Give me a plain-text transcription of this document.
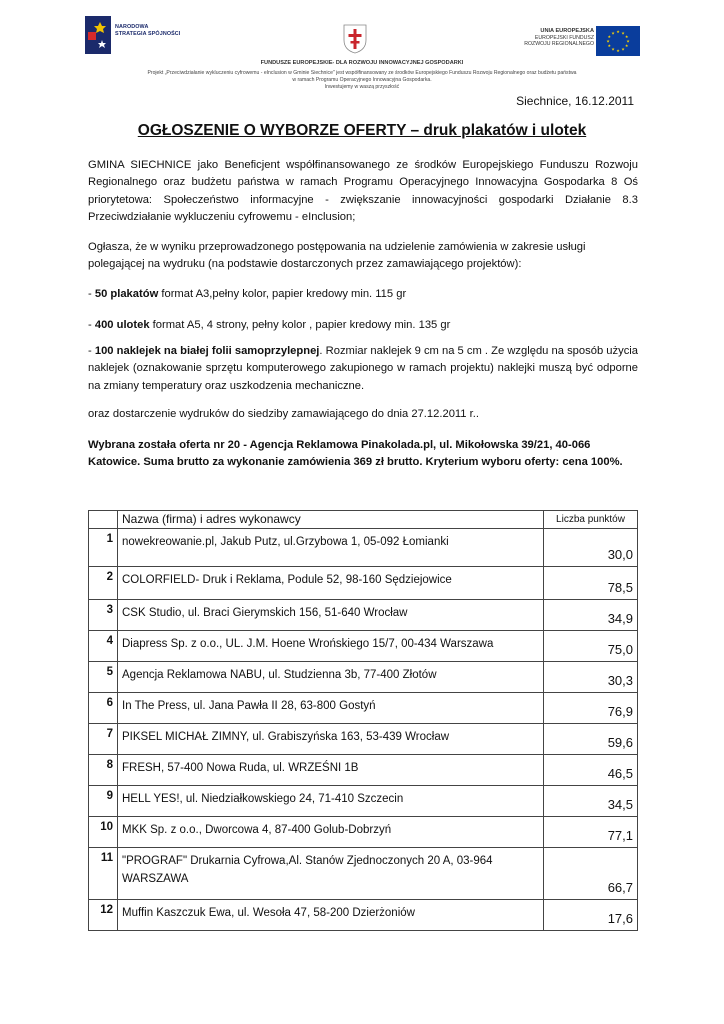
NARODOWA
STRATEGIA SPÓJNOŚCI	UNIA EUROPEJSKA
EUROPEJSKI FUNDUSZ
ROZWOJU REGIONALNEGO
★ ★
★
★
★
★
★
★
★
★
★
★
FUNDUSZE EUROPEJSKIE- DLA ROZWOJU INNOWACYJNEJ GOSPODARKI
Projekt „Przeciwdziałanie wykluczeniu cyfrowemu - eInclusion w Gminie Siechnice" jest współfinansowany ze środków Europejskiego Funduszu Rozwoju Regionalnego oraz budżetu państwa
w ramach Programu Operacyjnego Innowacyjna Gospodarka.
Inwestujemy w waszą przyszłość
Siechnice, 16.12.2011
OGŁOSZENIE O WYBORZE OFERTY – druk plakatów i ulotek

GMINA SIECHNICE jako Beneficjent współfinansowanego ze środków Europejskiego Funduszu Rozwoju Regionalnego oraz budżetu państwa w ramach Programu Operacyjnego Innowacyjna Gospodarka 8 Oś priorytetowa: Społeczeństwo informacyjne - zwiększanie innowacyjności gospodarki Działanie 8.3 Przeciwdziałanie wykluczeniu cyfrowemu - eInclusion;

Ogłasza, że w wyniku przeprowadzonego postępowania na udzielenie zamówienia w zakresie usługi polegającej na wydruku (na podstawie dostarczonych przez zamawiającego projektów):

- 50 plakatów format A3,pełny kolor, papier kredowy min. 115 gr

- 400 ulotek format A5, 4 strony, pełny kolor , papier kredowy min. 135 gr

- 100 naklejek na białej folii samoprzylepnej. Rozmiar naklejek 9 cm na 5 cm . Ze względu na sposób użycia naklejek (oznakowanie sprzętu komputerowego zakupionego w ramach projektu) naklejki muszą być odporne na zmiany temperatury oraz uszkodzenia mechaniczne.

oraz dostarczenie wydruków do siedziby zamawiającego do dnia 27.12.2011 r..

Wybrana została oferta nr 20 - Agencja Reklamowa Pinakolada.pl, ul. Mikołowska 39/21, 40-066 Katowice. Suma brutto za wykonanie zamówienia 369 zł brutto. Kryterium wyboru oferty: cena 100%.

	Nazwa (firma) i adres wykonawcy	Liczba punktów
1	nowekreowanie.pl, Jakub Putz, ul.Grzybowa 1, 05-092 Łomianki	30,0
2	COLORFIELD- Druk i Reklama, Podule 52, 98-160 Sędziejowice	78,5
3	CSK Studio, ul. Braci Gierymskich 156, 51-640 Wrocław	34,9
4	Diapress Sp. z o.o., UL. J.M. Hoene Wrońskiego 15/7, 00-434 Warszawa	75,0
5	Agencja Reklamowa NABU, ul. Studzienna 3b, 77-400 Złotów	30,3
6	In The Press, ul. Jana Pawła II 28, 63-800 Gostyń	76,9
7	PIKSEL MICHAŁ ZIMNY, ul. Grabiszyńska 163, 53-439 Wrocław	59,6
8	FRESH, 57-400 Nowa Ruda, ul. WRZEŚNI 1B	46,5
9	HELL YES!, ul. Niedziałkowskiego 24, 71-410 Szczecin	34,5
10	MKK Sp. z o.o., Dworcowa 4, 87-400 Golub-Dobrzyń	77,1
11	"PROGRAF" Drukarnia Cyfrowa,Al. Stanów Zjednoczonych 20 A, 03-964 WARSZAWA	66,7
12	Muffin Kaszczuk Ewa, ul. Wesoła 47, 58-200 Dzierżoniów	17,6
